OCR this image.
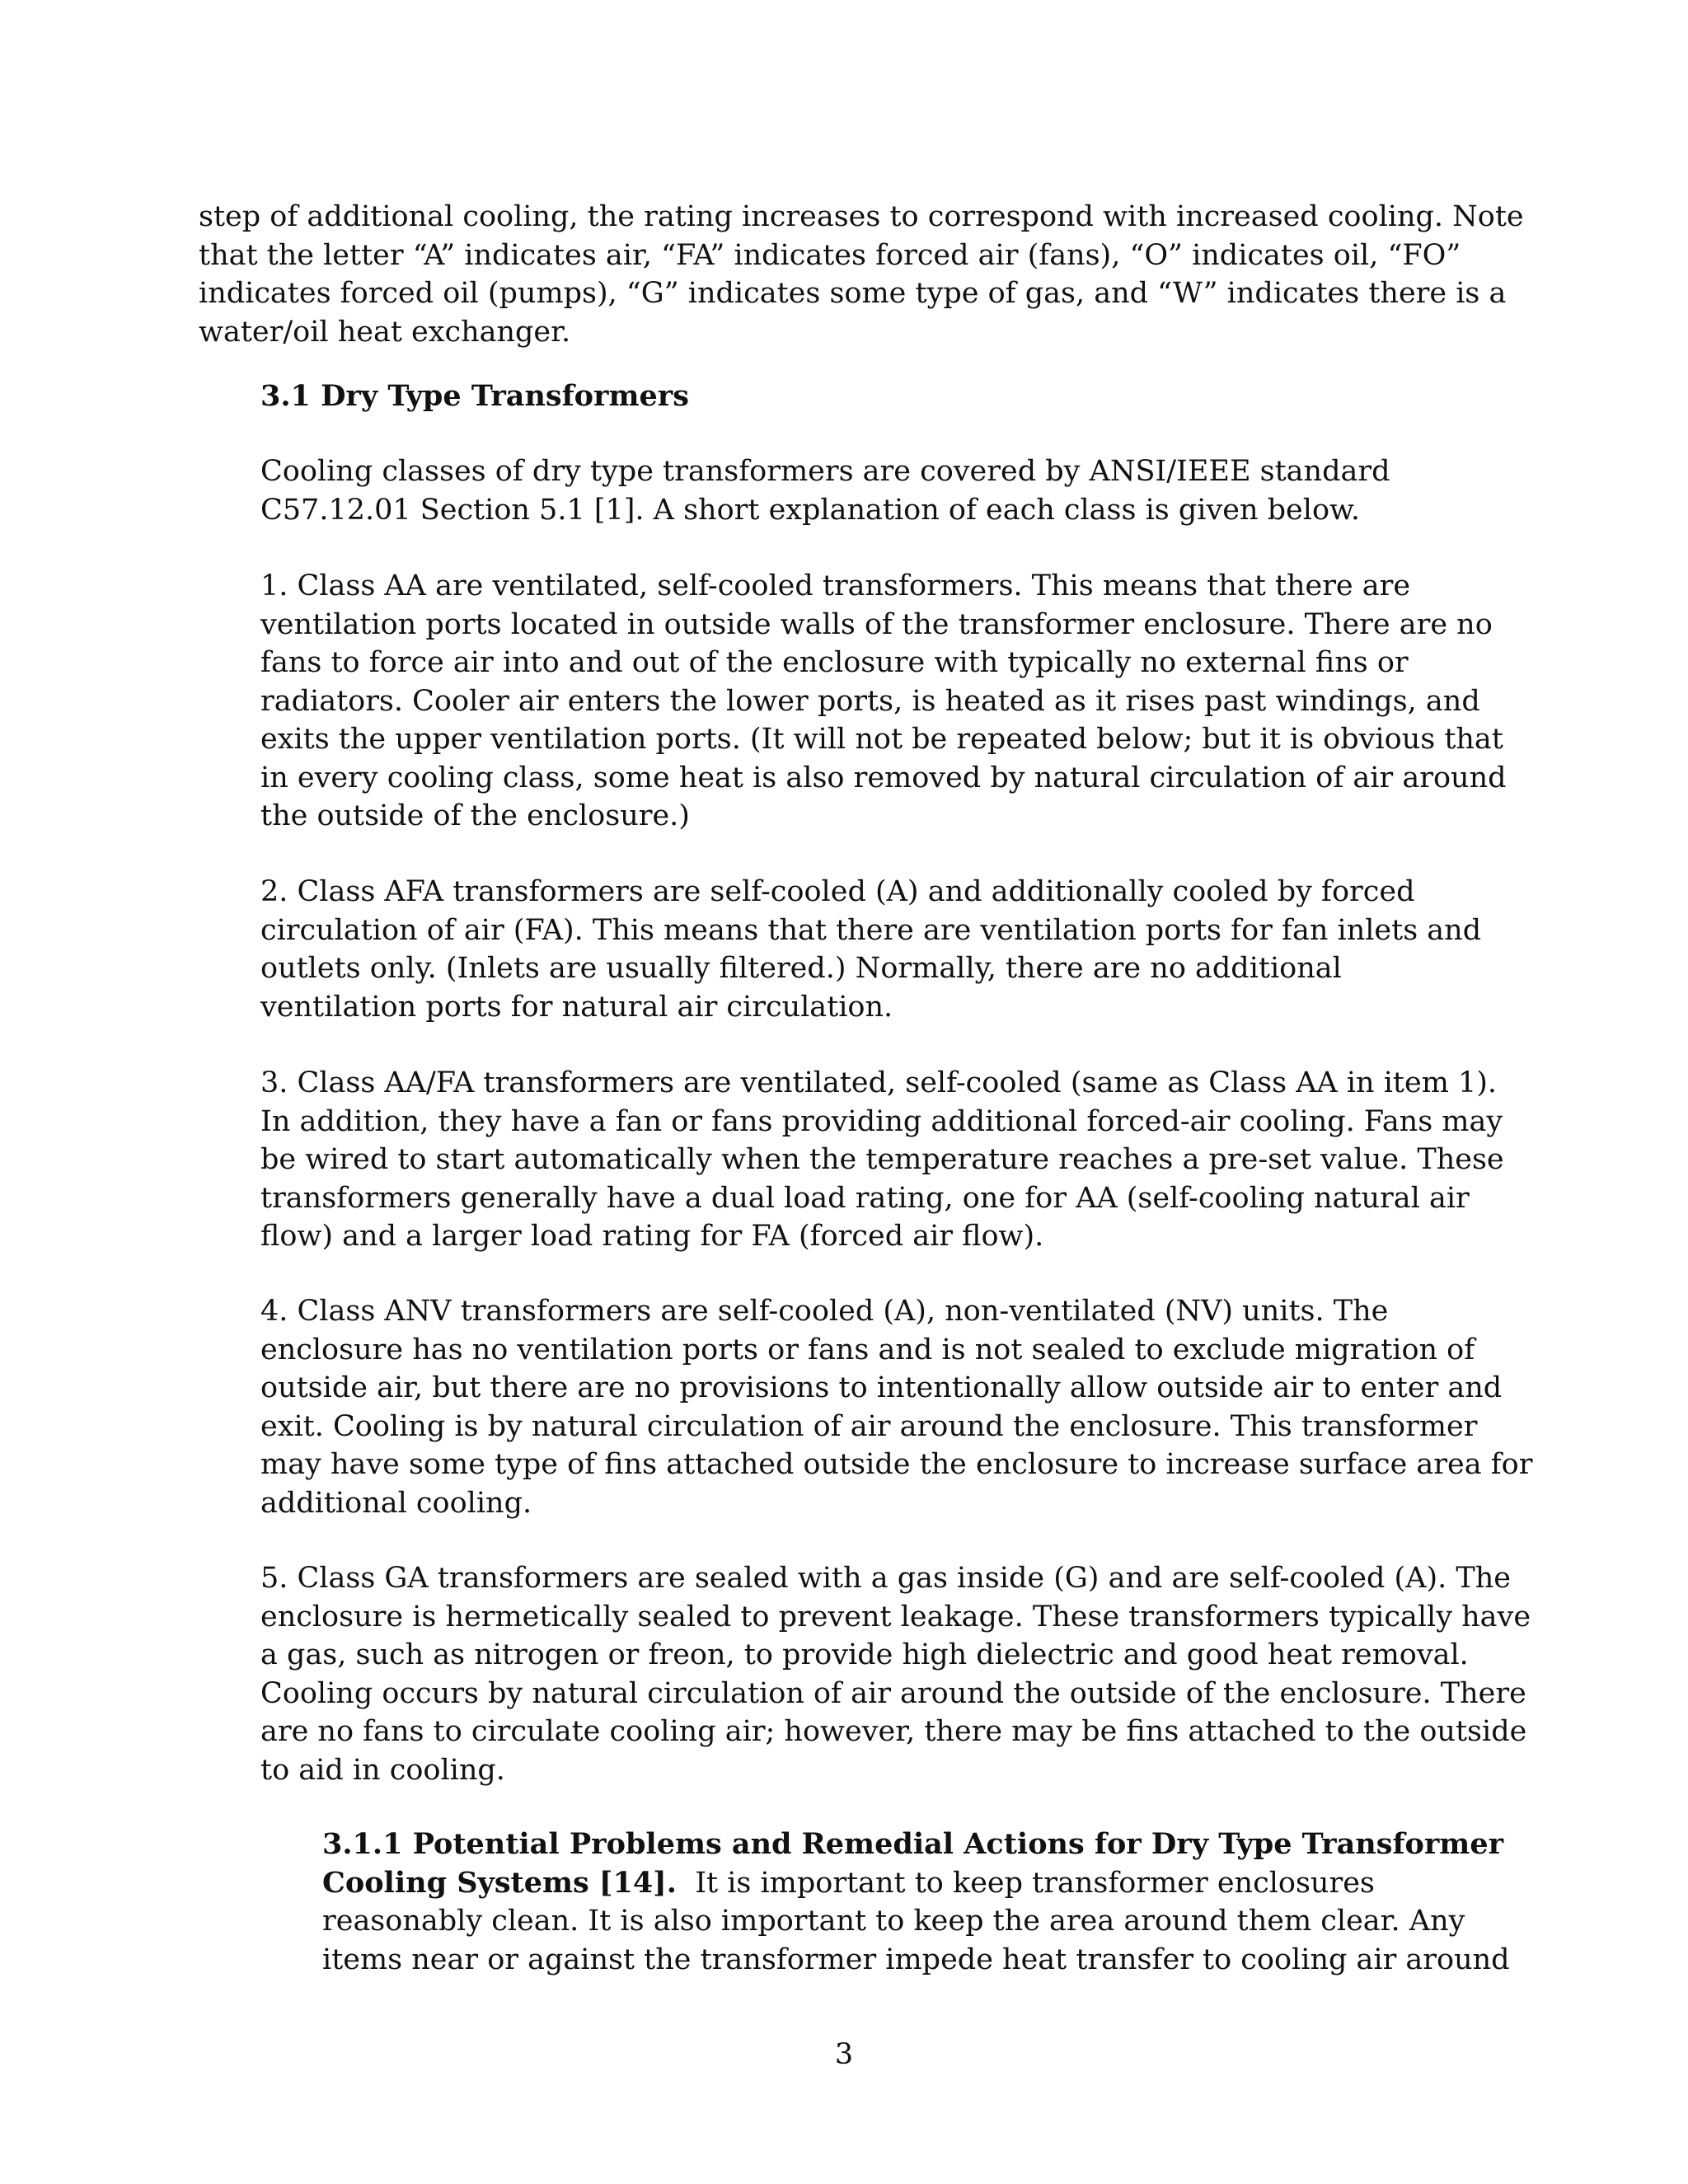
step of additional cooling, the rating increases to correspond with increased cooling. Note
that the letter “A” indicates air, “FA” indicates forced air (fans), “O” indicates oil, “FO”
indicates forced oil (pumps), “G” indicates some type of gas, and “W” indicates there is a
water/oil heat exchanger.
3.1 Dry Type Transformers
Cooling classes of dry type transformers are covered by ANSI/IEEE standard
C57.12.01 Section 5.1 [1]. A short explanation of each class is given below.
1. Class AA are ventilated, self-cooled transformers. This means that there are
ventilation ports located in outside walls of the transformer enclosure. There are no
fans to force air into and out of the enclosure with typically no external fins or
radiators. Cooler air enters the lower ports, is heated as it rises past windings, and
exits the upper ventilation ports. (It will not be repeated below; but it is obvious that
in every cooling class, some heat is also removed by natural circulation of air around
the outside of the enclosure.)
2. Class AFA transformers are self-cooled (A) and additionally cooled by forced
circulation of air (FA). This means that there are ventilation ports for fan inlets and
outlets only. (Inlets are usually filtered.) Normally, there are no additional
ventilation ports for natural air circulation.
3. Class AA/FA transformers are ventilated, self-cooled (same as Class AA in item 1).
In addition, they have a fan or fans providing additional forced-air cooling. Fans may
be wired to start automatically when the temperature reaches a pre-set value. These
transformers generally have a dual load rating, one for AA (self-cooling natural air
flow) and a larger load rating for FA (forced air flow).
4. Class ANV transformers are self-cooled (A), non-ventilated (NV) units. The
enclosure has no ventilation ports or fans and is not sealed to exclude migration of
outside air, but there are no provisions to intentionally allow outside air to enter and
exit. Cooling is by natural circulation of air around the enclosure. This transformer
may have some type of fins attached outside the enclosure to increase surface area for
additional cooling.
5. Class GA transformers are sealed with a gas inside (G) and are self-cooled (A). The
enclosure is hermetically sealed to prevent leakage. These transformers typically have
a gas, such as nitrogen or freon, to provide high dielectric and good heat removal.
Cooling occurs by natural circulation of air around the outside of the enclosure. There
are no fans to circulate cooling air; however, there may be fins attached to the outside
to aid in cooling.
3.1.1 Potential Problems and Remedial Actions for Dry Type Transformer
Cooling Systems [14].  It is important to keep transformer enclosures
reasonably clean. It is also important to keep the area around them clear. Any
items near or against the transformer impede heat transfer to cooling air around
3
